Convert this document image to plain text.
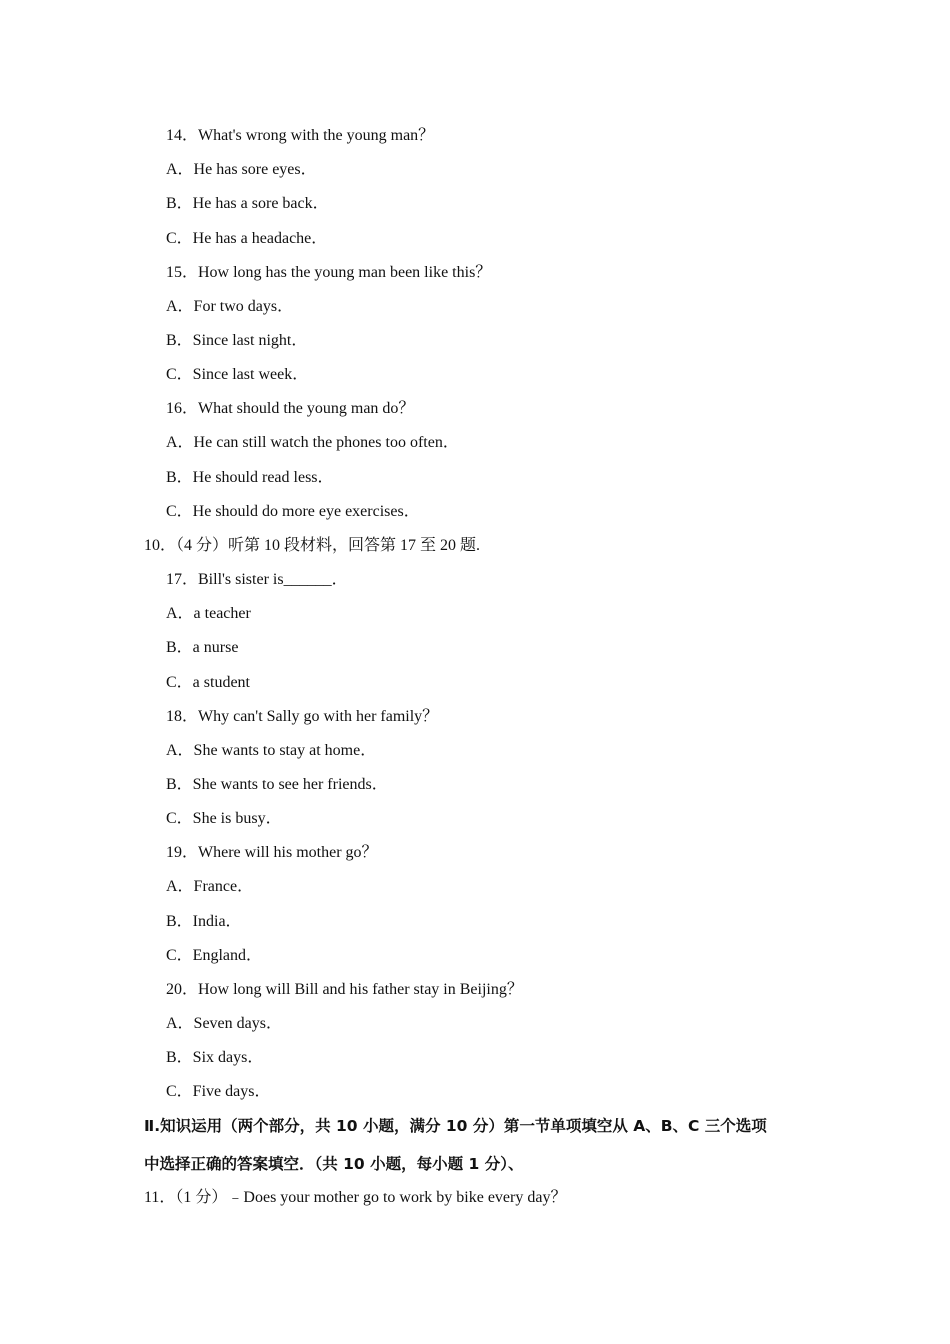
14．What's wrong with the young man？
A．He has sore eyes．
B．He has a sore back．
C．He has a headache．
15．How long has the young man been like this？
A．For two days．
B．Since last night．
C．Since last week．
16．What should the young man do？
A．He can still watch the phones too often．
B．He should read less．
C．He should do more eye exercises．
10．（4 分）听第 10 段材料，回答第 17 至 20 题.
17．Bill's sister is______．
A．a teacher
B．a nurse
C．a student
18．Why can't Sally go with her family？
A．She wants to stay at home．
B．She wants to see her friends．
C．She is busy．
19．Where will his mother go？
A．France．
B．India．
C．England．
20．How long will Bill and his father stay in Beijing？
A．Seven days．
B．Six days．
C．Five days．
Ⅱ.知识运用（两个部分，共 10 小题，满分 10 分）第一节单项填空从 A、B、C 三个选项
中选择正确的答案填空．（共 10 小题，每小题 1 分）、
11．（1 分）﹣Does your mother go to work by bike every day？
